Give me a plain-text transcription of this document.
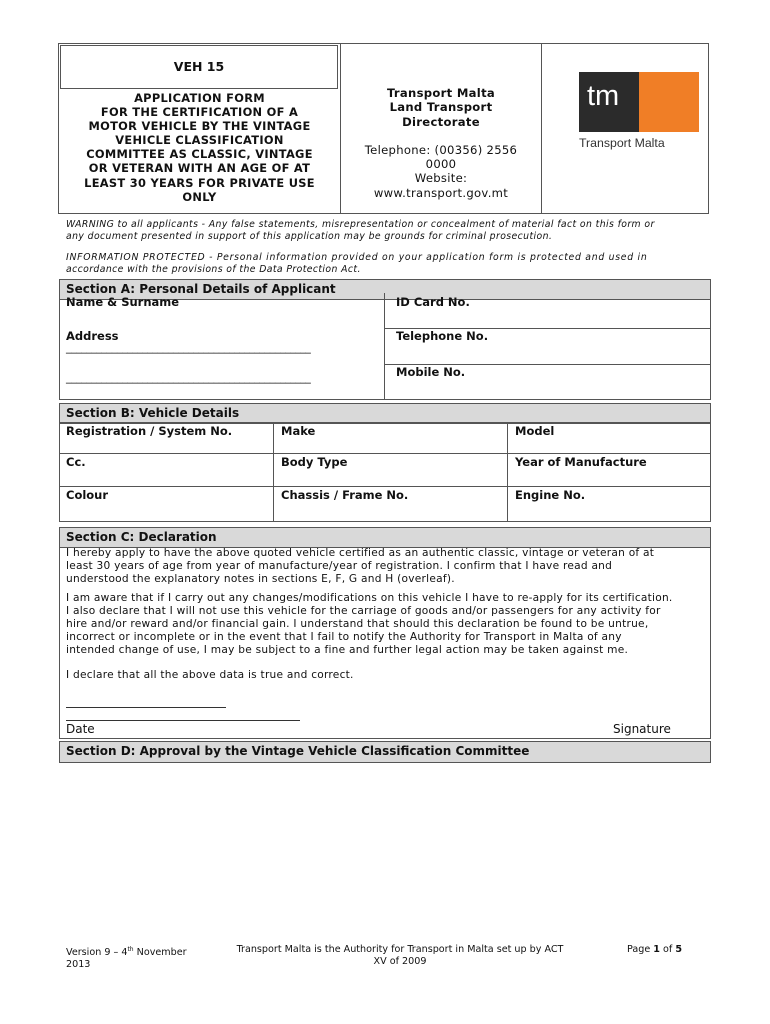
VEH 15
APPLICATION FORM
FOR THE CERTIFICATION OF A
MOTOR VEHICLE BY THE VINTAGE
VEHICLE CLASSIFICATION
COMMITTEE AS CLASSIC, VINTAGE
OR VETERAN WITH AN AGE OF AT
LEAST 30 YEARS FOR PRIVATE USE
ONLY
Transport Malta
Land Transport
Directorate
Telephone: (00356) 2556
0000
Website:
www.transport.gov.mt
tm
Transport Malta
WARNING to all applicants - Any false statements, misrepresentation or concealment of material fact on this form or
any document presented in support of this application may be grounds for criminal prosecution.
INFORMATION PROTECTED - Personal information provided on your application form is protected and used in
accordance with the provisions of the Data Protection Act.
Section A: Personal Details of Applicant
Name & Surname	ID Card No.
Address	Telephone No.
Mobile No.
________________________________________________
________________________________________________
Section B: Vehicle Details
Registration / System No.	Make	Model
Cc.	Body Type	Year of Manufacture
Colour	Chassis / Frame No.	Engine No.
Section C: Declaration
I hereby apply to have the above quoted vehicle certified as an authentic classic, vintage or veteran of at
least 30 years of age from year of manufacture/year of registration. I confirm that I have read and
understood the explanatory notes in sections E, F, G and H (overleaf).
I am aware that if I carry out any changes/modifications on this vehicle I have to re-apply for its certification.
I also declare that I will not use this vehicle for the carriage of goods and/or passengers for any activity for
hire and/or reward and/or financial gain. I understand that should this declaration be found to be untrue,
incorrect or incomplete or in the event that I fail to notify the Authority for Transport in Malta of any
intended change of use, I may be subject to a fine and further legal action may be taken against me.
I declare that all the above data is true and correct.
Date	Signature
Section D: Approval by the Vintage Vehicle Classification Committee
Version 9 – 4th November
2013
Transport Malta is the Authority for Transport in Malta set up by ACT
XV of 2009
Page 1 of 5
